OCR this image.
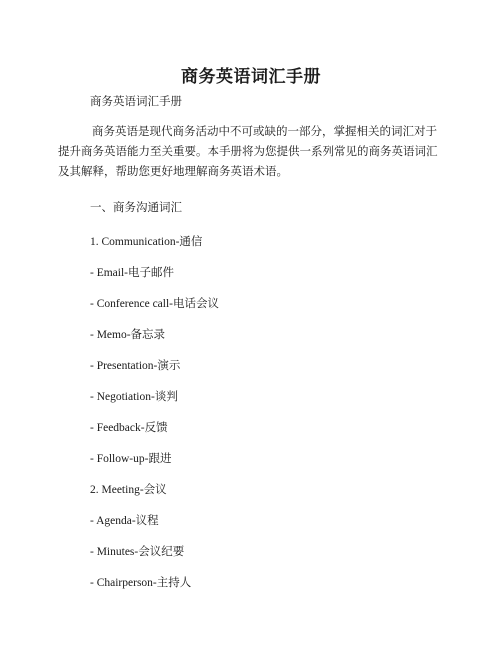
商务英语词汇手册
商务英语词汇手册

商务英语是现代商务活动中不可或缺的一部分，掌握相关的词汇对于提升商务英语能力至关重要。本手册将为您提供一系列常见的商务英语词汇及其解释，帮助您更好地理解商务英语术语。

一、商务沟通词汇
1. Communication-通信
- Email-电子邮件
- Conference call-电话会议
- Memo-备忘录
- Presentation-演示
- Negotiation-谈判
- Feedback-反馈
- Follow-up-跟进
2. Meeting-会议
- Agenda-议程
- Minutes-会议纪要
- Chairperson-主持人
